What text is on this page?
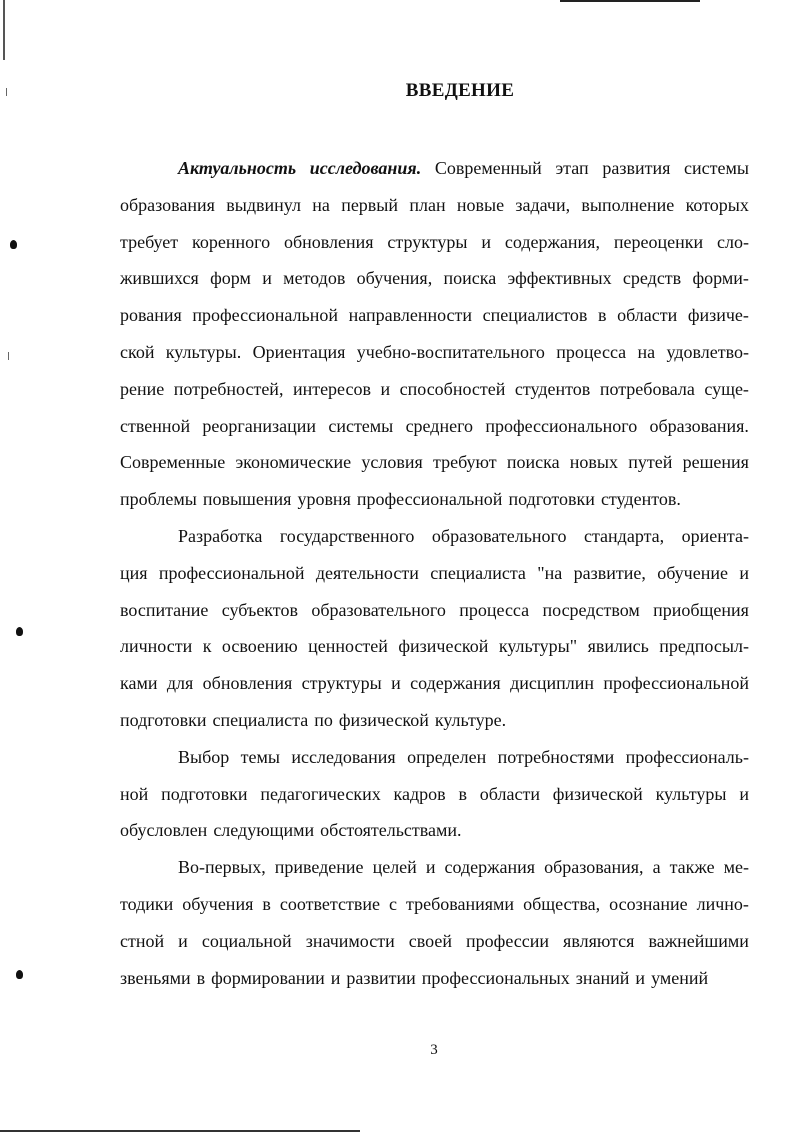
ВВЕДЕНИЕ
Актуальность исследования. Современный этап развития системы
образования выдвинул на первый план новые задачи, выполнение которых
требует коренного обновления структуры и содержания, переоценки сло-
жившихся форм и методов обучения, поиска эффективных средств форми-
рования профессиональной направленности специалистов в области физиче-
ской культуры. Ориентация учебно-воспитательного процесса на удовлетво-
рение потребностей, интересов и способностей студентов потребовала суще-
ственной реорганизации системы среднего профессионального образования.
Современные экономические условия требуют поиска новых путей решения
проблемы повышения уровня профессиональной подготовки студентов.
Разработка государственного образовательного стандарта, ориента-
ция профессиональной деятельности специалиста "на развитие, обучение и
воспитание субъектов образовательного процесса посредством приобщения
личности к освоению ценностей физической культуры" явились предпосыл-
ками для обновления структуры и содержания дисциплин профессиональной
подготовки специалиста по физической культуре.
Выбор темы исследования определен потребностями профессиональ-
ной подготовки педагогических кадров в области физической культуры и
обусловлен следующими обстоятельствами.
Во-первых, приведение целей и содержания образования, а также ме-
тодики обучения в соответствие с требованиями общества, осознание лично-
стной и социальной значимости своей профессии являются важнейшими
звеньями в формировании и развитии профессиональных знаний и умений
3
